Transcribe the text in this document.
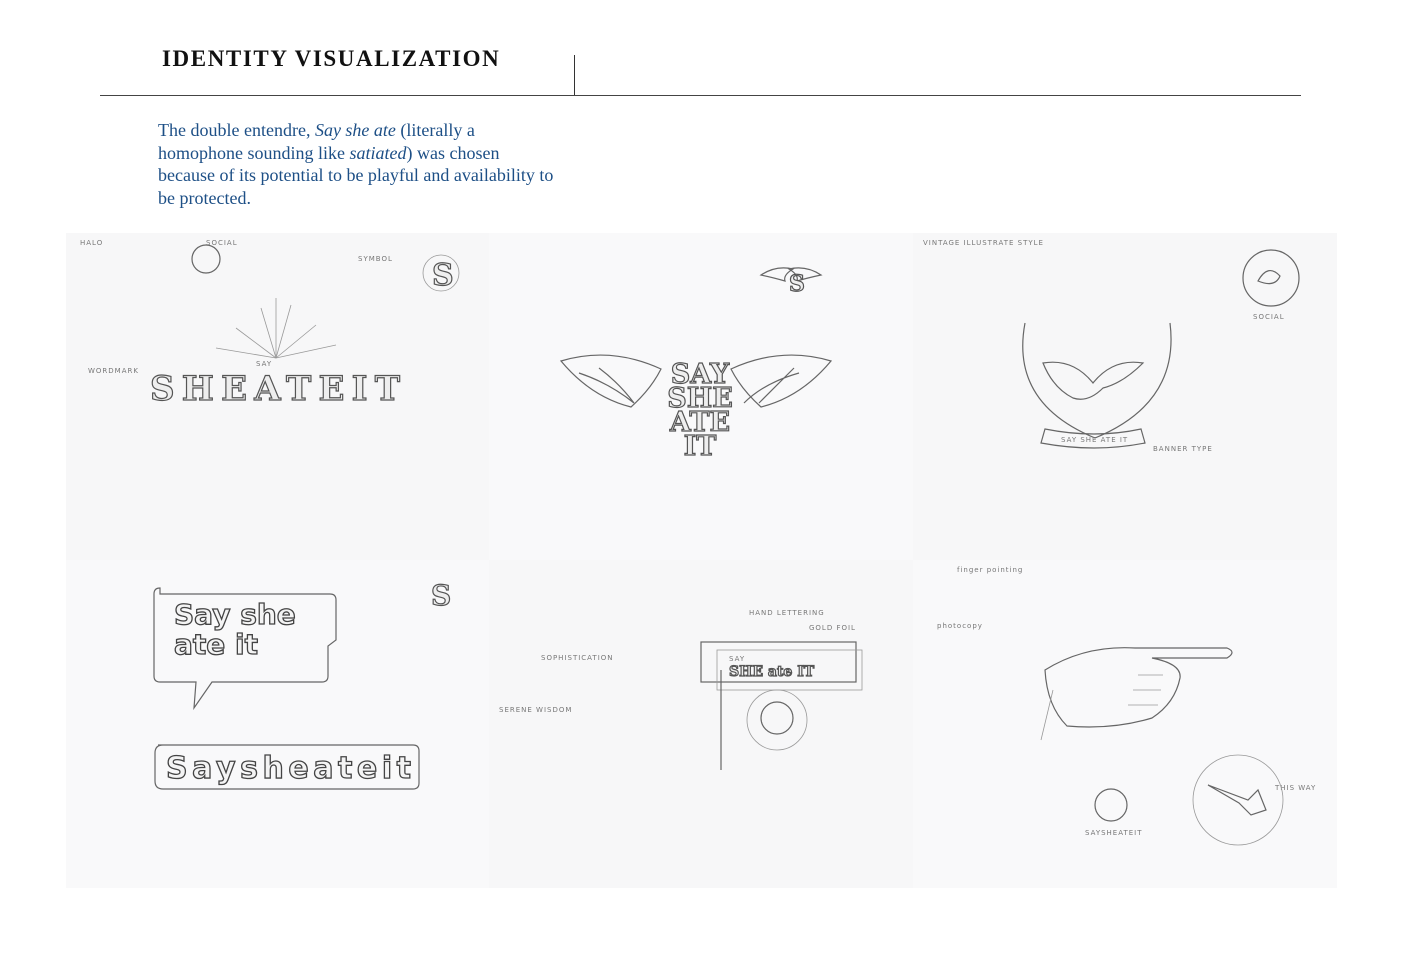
IDENTITY VISUALIZATION

The double entendre, Say she ate (literally a homophone sounding like satiated) was chosen because of its potential to be playful and availability to be protected.

HALO	SOCIAL
SYMBOL
WORDMARK
S
SAY
SHEATEIT
S
SAY
SHE
ATE
IT
VINTAGE ILLUSTRATE STYLE
SOCIAL
BANNER TYPE
SAY SHE ATE IT
Say she
ate it
S
Saysheateit
SOPHISTICATION
SERENE WISDOM
HAND LETTERING
GOLD FOIL
SAY
SHE ate IT
finger pointing
photocopy
THIS WAY
SAYSHEATEIT
